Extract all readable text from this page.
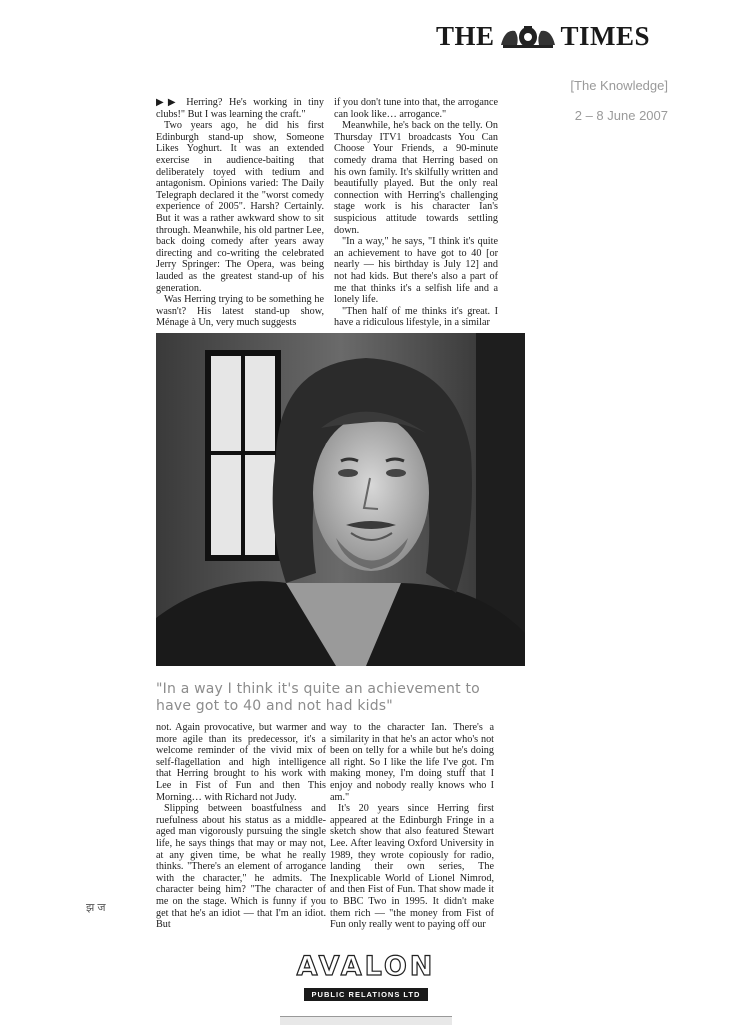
THE TIMES
[The Knowledge]
2 – 8 June 2007

▶▶ Herring? He's working in tiny clubs!" But I was learning the craft."

Two years ago, he did his first Edinburgh stand-up show, Someone Likes Yoghurt. It was an extended exercise in audience-baiting that deliberately toyed with tedium and antagonism. Opinions varied: The Daily Telegraph declared it the "worst comedy experience of 2005". Harsh? Certainly. But it was a rather awkward show to sit through. Meanwhile, his old partner Lee, back doing comedy after years away directing and co-writing the celebrated Jerry Springer: The Opera, was being lauded as the greatest stand-up of his generation.

Was Herring trying to be something he wasn't? His latest stand-up show, Ménage à Un, very much suggests

if you don't tune into that, the arrogance can look like… arrogance."

Meanwhile, he's back on the telly. On Thursday ITV1 broadcasts You Can Choose Your Friends, a 90-minute comedy drama that Herring based on his own family. It's skilfully written and beautifully played. But the only real connection with Herring's challenging stage work is his character Ian's suspicious attitude towards settling down.

"In a way," he says, "I think it's quite an achievement to have got to 40 [or nearly — his birthday is July 12] and not had kids. But there's also a part of me that thinks it's a selfish life and a lonely life.

"Then half of me thinks it's great. I have a ridiculous lifestyle, in a similar

"In a way I think it's quite an achievement to have got to 40 and not had kids"

not. Again provocative, but warmer and more agile than its predecessor, it's a welcome reminder of the vivid mix of self-flagellation and high intelligence that Herring brought to his work with Lee in Fist of Fun and then This Morning… with Richard not Judy.

Slipping between boastfulness and ruefulness about his status as a middle-aged man vigorously pursuing the single life, he says things that may or may not, at any given time, be what he really thinks. "There's an element of arrogance with the character," he admits. The character being him? "The character of me on the stage. Which is funny if you get that he's an idiot — that I'm an idiot. But

way to the character Ian. There's a similarity in that he's an actor who's not been on telly for a while but he's doing all right. So I like the life I've got. I'm making money, I'm doing stuff that I enjoy and nobody really knows who I am."

It's 20 years since Herring first appeared at the Edinburgh Fringe in a sketch show that also featured Stewart Lee. After leaving Oxford University in 1989, they wrote copiously for radio, landing their own series, The Inexplicable World of Lionel Nimrod, and then Fist of Fun. That show made it to BBC Two in 1995. It didn't make them rich — "the money from Fist of Fun only really went to paying off our

झ ज
AVALON
PUBLIC RELATIONS LTD
